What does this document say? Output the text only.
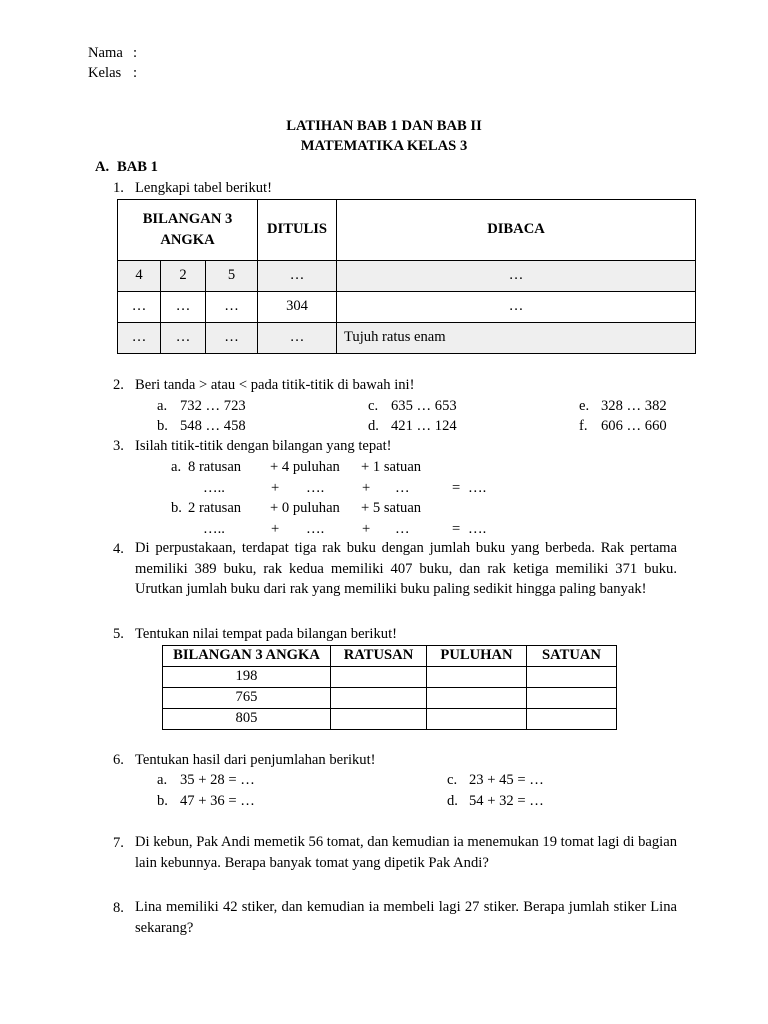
Nama :
Kelas :
LATIHAN BAB 1 DAN BAB II
MATEMATIKA KELAS 3
A. BAB 1
1. Lengkapi tabel berikut!
BILANGAN 3 ANGKA			DITULIS	DIBACA
4	2	5	…	…
…	…	…	304	…
…	…	…	…	Tujuh ratus enam
2. Beri tanda > atau < pada titik-titik di bawah ini!
a. 732 … 723
b. 548 … 458
c. 635 … 653
d. 421 … 124
e. 328 … 382
f. 606 … 660
3. Isilah titik-titik dengan bilangan yang tepat!
a. 8 ratusan + 4 puluhan + 1 satuan
…..	+ ….	+ …	= ….
b. 2 ratusan + 0 puluhan + 5 satuan
…..	+ ….	+ …	= ….
4. Di perpustakaan, terdapat tiga rak buku dengan jumlah buku yang berbeda. Rak pertama memiliki 389 buku, rak kedua memiliki 407 buku, dan rak ketiga memiliki 371 buku. Urutkan jumlah buku dari rak yang memiliki buku paling sedikit hingga paling banyak!
5. Tentukan nilai tempat pada bilangan berikut!
BILANGAN 3 ANGKA	RATUSAN	PULUHAN	SATUAN
198			
765			
805			
6. Tentukan hasil dari penjumlahan berikut!
a. 35 + 28 = …
b. 47 + 36 = …
c. 23 + 45 = …
d. 54 + 32 = …
7. Di kebun, Pak Andi memetik 56 tomat, dan kemudian ia menemukan 19 tomat lagi di bagian lain kebunnya. Berapa banyak tomat yang dipetik Pak Andi?
8. Lina memiliki 42 stiker, dan kemudian ia membeli lagi 27 stiker. Berapa jumlah stiker Lina sekarang?
